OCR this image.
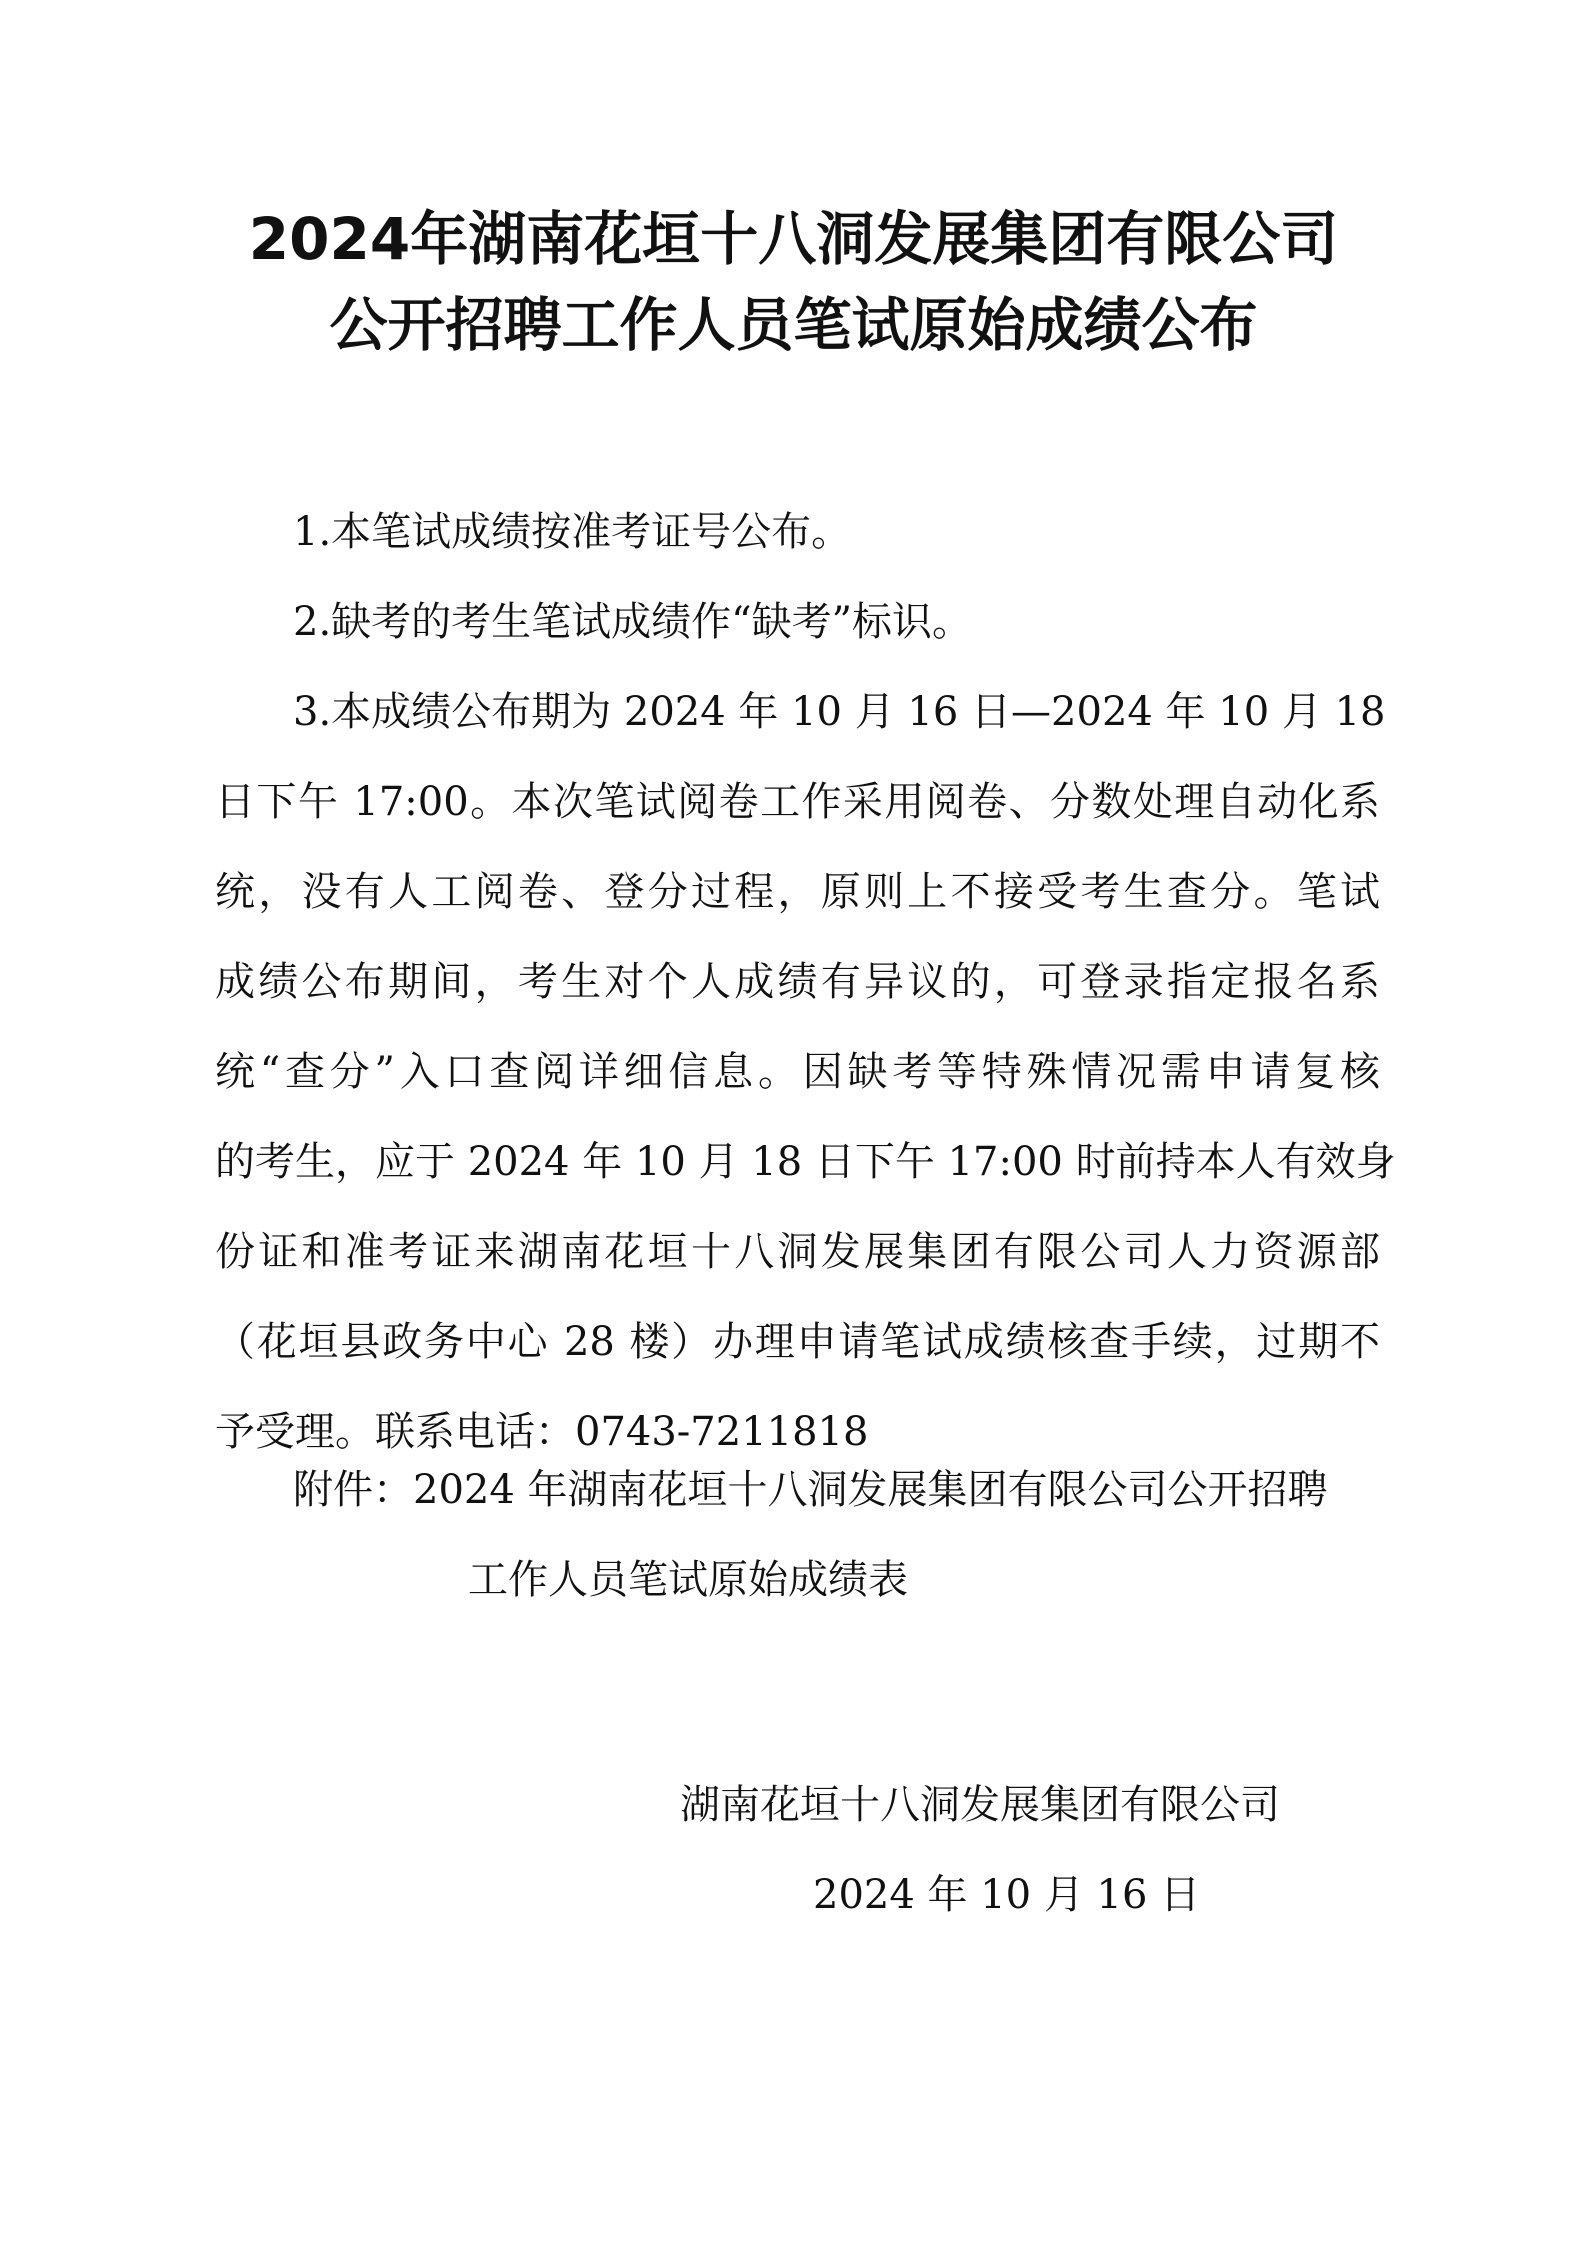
2024年湖南花垣十八洞发展集团有限公司
公开招聘工作人员笔试原始成绩公布
1.本笔试成绩按准考证号公布。
2.缺考的考生笔试成绩作“缺考”标识。
3.本成绩公布期为 2024 年 10 月 16 日—2024 年 10 月 18
日下午 17:00。本次笔试阅卷工作采用阅卷、分数处理自动化系
统，没有人工阅卷、登分过程，原则上不接受考生查分。笔试
成绩公布期间，考生对个人成绩有异议的，可登录指定报名系
统“查分”入口查阅详细信息。因缺考等特殊情况需申请复核
的考生，应于 2024 年 10 月 18 日下午 17:00 时前持本人有效身
份证和准考证来湖南花垣十八洞发展集团有限公司人力资源部
（花垣县政务中心 28 楼）办理申请笔试成绩核查手续，过期不
予受理。联系电话：0743-7211818
附件：2024 年湖南花垣十八洞发展集团有限公司公开招聘
工作人员笔试原始成绩表
湖南花垣十八洞发展集团有限公司
2024 年 10 月 16 日
